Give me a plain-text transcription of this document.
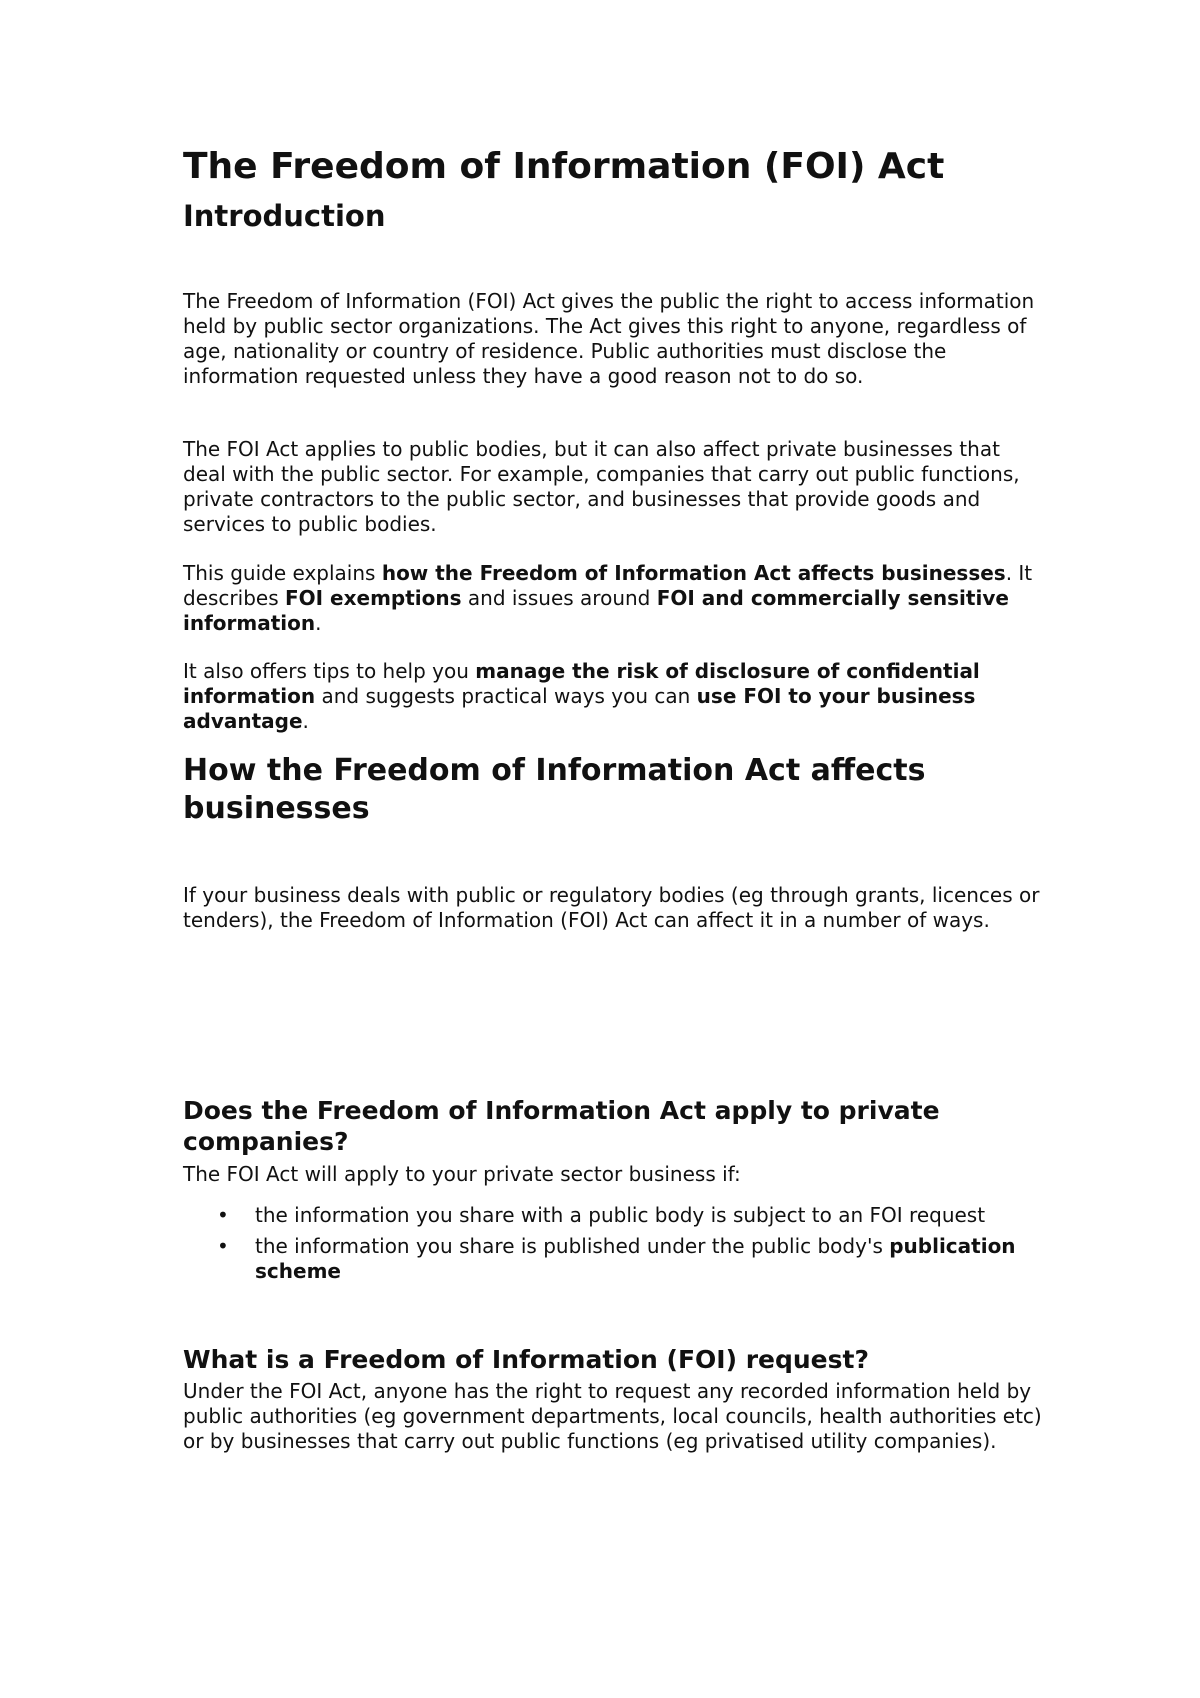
The Freedom of Information (FOI) Act
Introduction

The Freedom of Information (FOI) Act gives the public the right to access information held by public sector organizations. The Act gives this right to anyone, regardless of age, nationality or country of residence. Public authorities must disclose the information requested unless they have a good reason not to do so.

The FOI Act applies to public bodies, but it can also affect private businesses that deal with the public sector. For example, companies that carry out public functions, private contractors to the public sector, and businesses that provide goods and services to public bodies.

This guide explains how the Freedom of Information Act affects businesses. It describes FOI exemptions and issues around FOI and commercially sensitive information.

It also offers tips to help you manage the risk of disclosure of confidential information and suggests practical ways you can use FOI to your business advantage.

How the Freedom of Information Act affects businesses

If your business deals with public or regulatory bodies (eg through grants, licences or tenders), the Freedom of Information (FOI) Act can affect it in a number of ways.

Does the Freedom of Information Act apply to private companies?

The FOI Act will apply to your private sector business if:

• the information you share with a public body is subject to an FOI request
• the information you share is published under the public body's publication scheme
What is a Freedom of Information (FOI) request?

Under the FOI Act, anyone has the right to request any recorded information held by public authorities (eg government departments, local councils, health authorities etc) or by businesses that carry out public functions (eg privatised utility companies).
